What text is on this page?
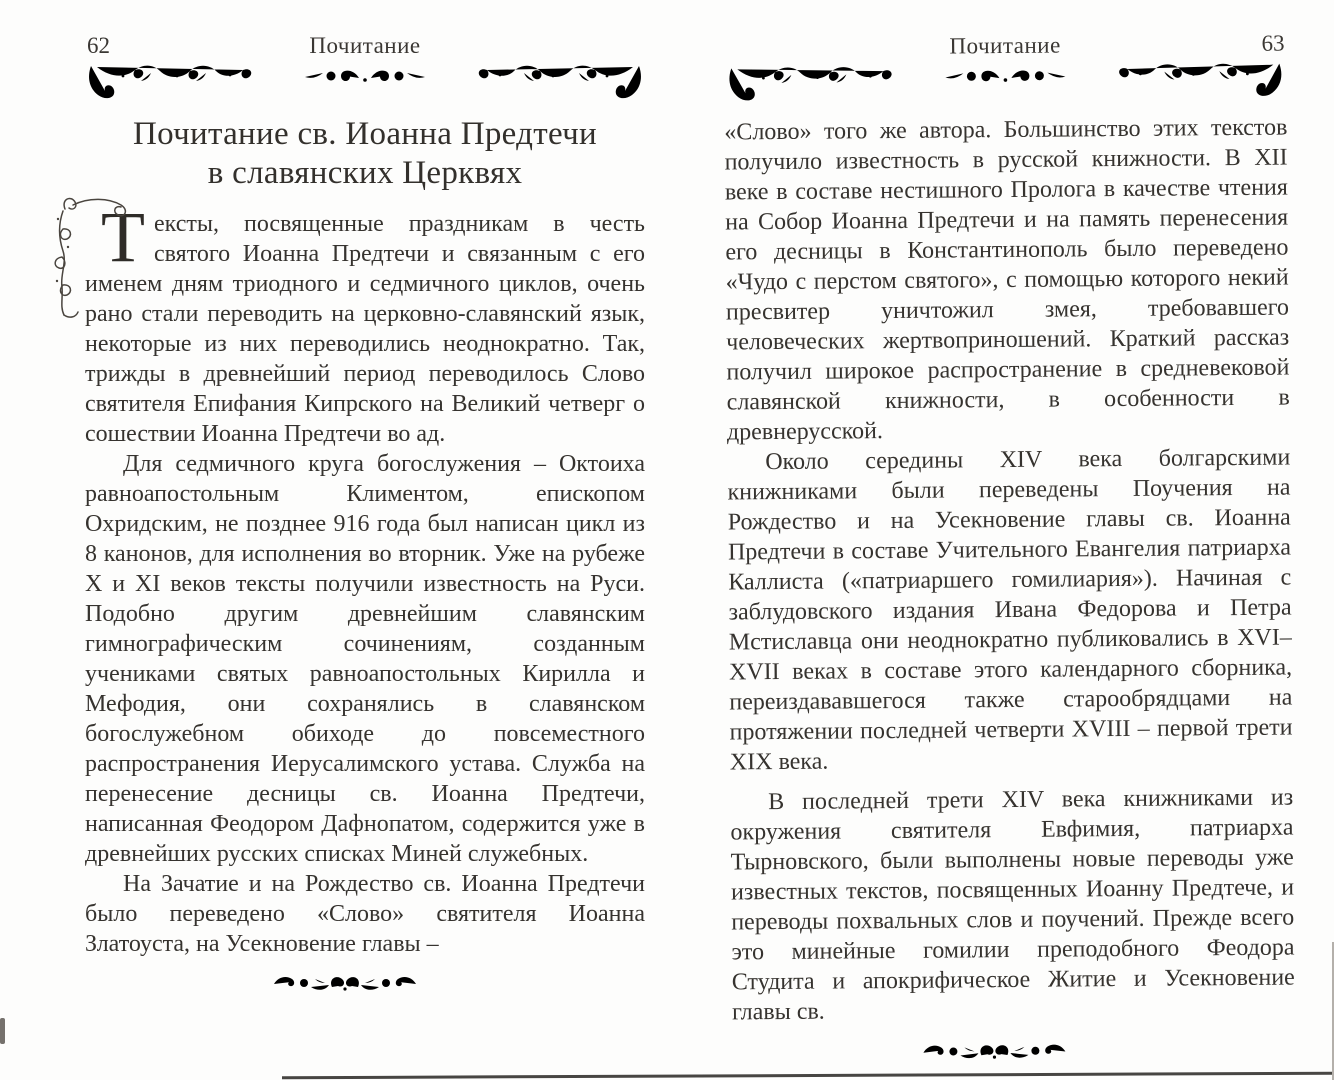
62	Почитание
Почитание св. Иоанна Предтечи
в славянских Церквях

Т ексты, посвященные праздникам в честь святого Иоанна Предтечи и связанным с его именем дням триодного и седмичного циклов, очень рано стали переводить на церковно-славянский язык, некоторые из них переводились неоднократно. Так, трижды в древнейший период переводилось Слово святителя Епифания Кипрского на Великий четверг о сошествии Иоанна Предтечи во ад.

Для седмичного круга богослужения – Октоиха равноапостольным Климентом, епископом Охридским, не позднее 916 года был написан цикл из 8 канонов, для исполнения во вторник. Уже на рубеже X и XI веков тексты получили известность на Руси. Подобно другим древнейшим славянским гимнографическим сочинениям, созданным учениками святых равноапостольных Кирилла и Мефодия, они сохранялись в славянском богослужебном обиходе до повсеместного распространения Иерусалимского устава. Служба на перенесение десницы св. Иоанна Предтечи, написанная Феодором Дафнопатом, содержится уже в древнейших русских списках Миней служебных.

На Зачатие и на Рождество св. Иоанна Предтечи было переведено «Слово» святителя Иоанна Златоуста, на Усекновение главы –

Почитание	63

«Слово» того же автора. Большинство этих текстов получило известность в русской книжности. В XII веке в составе нестишного Пролога в качестве чтения на Собор Иоанна Предтечи и на память перенесения его десницы в Константинополь было переведено «Чудо с перстом святого», с помощью которого некий пресвитер уничтожил змея, требовавшего человеческих жертвоприношений. Краткий рассказ получил широкое распространение в средневековой славянской книжности, в особенности в древнерусской.

Около середины XIV века болгарскими книжниками были переведены Поучения на Рождество и на Усекновение главы св. Иоанна Предтечи в составе Учительного Евангелия патриарха Каллиста («патриаршего гомилиария»). Начиная с заблудовского издания Ивана Федорова и Петра Мстиславца они неоднократно публиковались в XVI–XVII веках в составе этого календарного сборника, переиздававшегося также старообрядцами на протяжении последней четверти XVIII – первой трети XIX века.

В последней трети XIV века книжниками из окружения святителя Евфимия, патриарха Тырновского, были выполнены новые переводы уже известных текстов, посвященных Иоанну Предтече, и переводы похвальных слов и поучений. Прежде всего это минейные гомилии преподобного Феодора Студита и апокрифическое Житие и Усекновение главы св.
